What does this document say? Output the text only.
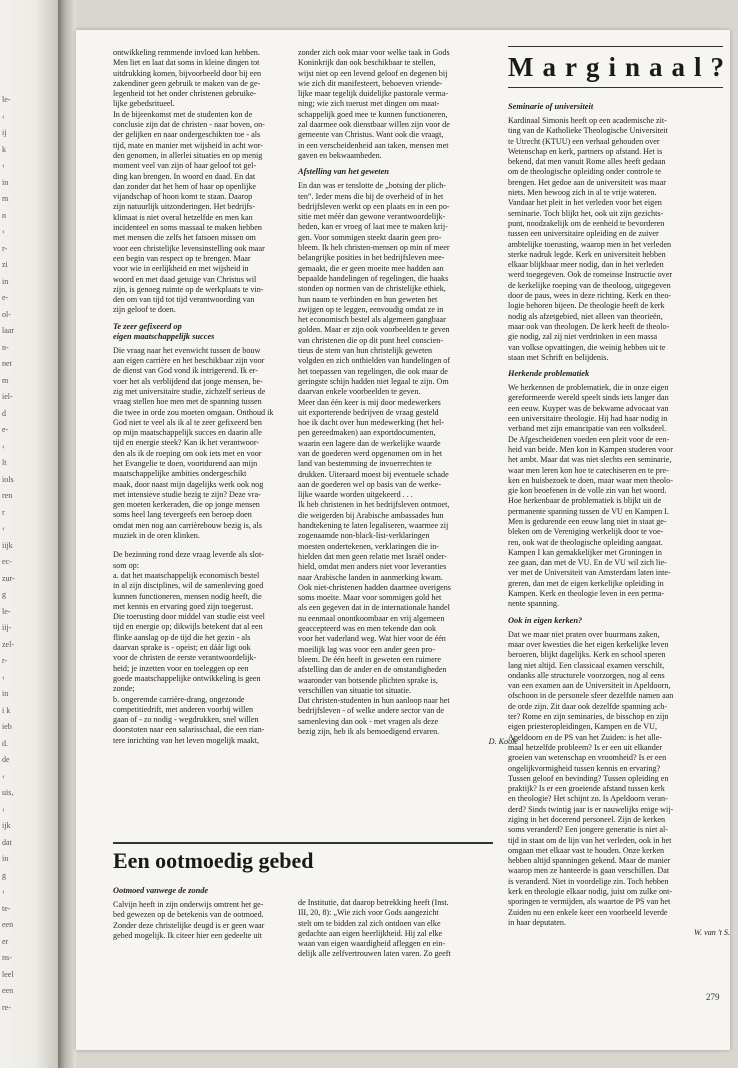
le-
‹
ij
k
‹
in
m
n
‹
r-
zi
in
e-
ol-
laar
n-
net
m
iel-
d
e-
‹
lt
iols
ren
r
‹
iijk
ec-
zur-
g
le-
iij-
zel-
r-
‹
in
i k
ieb
d.
de
‹
uis,
‹
ijk
dat
in
g
‹
te-
een
er
ns-
leel
een
re-

ontwikkeling remmende invloed kan hebben.

Men liet en laat dat soms in kleine dingen tot

uitdrukking komen, bijvoorbeeld door bij een

zakendiner geen gebruik te maken van de ge-

legenheid tot het onder christenen gebruike-

lijke gebedsritueel.

In de bijeenkomst met de studenten kon de

conclusie zijn dat de christen - naar boven, on-

der gelijken en naar ondergeschikten toe - als

tijd, mate en manier met wijsheid in acht wor-

den genomen, in allerlei situaties en op menig

moment veel van zijn of haar geloof tot gel-

ding kan brengen. In woord en daad. En dat

dan zonder dat het hem of haar op openlijke

vijandschap of hoon komt te staan. Daarop

zijn natuurlijk uitzonderingen. Het bedrijfs-

klimaat is niet overal hetzelfde en men kan

incidenteel en soms massaal te maken hebben

met mensen die zelfs het fatsoen missen om

voor een christelijke levensinstelling ook maar

een begin van respect op te brengen. Maar

voor wie in eerlijkheid en met wijsheid in

woord en met daad getuige van Christus wil

zijn, is genoeg ruimte op de werkplaats te vin-

den om van tijd tot tijd verantwoording van

zijn geloof te doen.

Te zeer gefixeerd op
eigen maatschappelijk succes

Die vraag naar het evenwicht tussen de bouw

aan eigen carrière en het beschikbaar zijn voor

de dienst van God vond ik intrigerend. Ik er-

voer het als verblijdend dat jonge mensen, be-

zig met universitaire studie, zichzelf serieus de

vraag stellen hoe men met de spanning tussen

die twee in orde zou moeten omgaan. Onthoud ik

God niet te veel als ik al te zeer gefixeerd ben

op mijn maatschappelijk succes en daarin alle

tijd en energie steek? Kan ik het verantwoor-

den als ik de roeping om ook iets met en voor

het Evangelie te doen, voortdurend aan mijn

maatschappelijke ambities ondergeschikt

maak, door naast mijn dagelijks werk ook nog

met intensieve studie bezig te zijn? Deze vra-

gen moeten kerkeraden, die op jonge mensen

soms heel lang tevergeefs een beroep doen

omdat men nog aan carrièrebouw bezig is, als

muziek in de oren klinken.

De bezinning rond deze vraag leverde als slot-

som op:

a. dat het maatschappelijk economisch bestel

in al zijn disciplines, wil de samenleving goed

kunnen functioneren, mensen nodig heeft, die

met kennis en ervaring goed zijn toegerust.

Die toerusting door middel van studie eist veel

tijd en energie op; dikwijls betekent dat al een

flinke aanslag op de tijd die het gezin - als

daarvan sprake is - opeist; en dáár ligt ook

voor de christen de eerste verantwoordelijk-

heid; je inzetten voor en toeleggen op een

goede maatschappelijke ontwikkeling is geen

zonde;

b. ongeremde carrière-drang, ongezonde

competitiedrift, met anderen voorbij willen

gaan of - zo nodig - wegdrukken, snel willen

doorstoten naar een salarisschaal, die een rian-

tere inrichting van het leven mogelijk maakt,

zonder zich ook maar voor welke taak in Gods

Koninkrijk dan ook beschikbaar te stellen,

wijst niet op een levend geloof en degenen bij

wie zich dit manifesteert, behoeven vriende-

lijke maar tegelijk duidelijke pastorale verma-

ning; wie zich toerust met dingen om maat-

schappelijk goed mee te kunnen functioneren,

zal daarmee ook dienstbaar willen zijn voor de

gemeente van Christus. Want ook die vraagt,

in een verscheidenheid aan taken, mensen met

gaven en bekwaamheden.

Afstelling van het geweten

En dan was er tenslotte de „botsing der plich-

ten”. Ieder mens die bij de overheid of in het

bedrijfsleven werkt op een plaats en in een po-

sitie met méér dan gewone verantwoordelijk-

heden, kan er vroeg of laat mee te maken krij-

gen. Voor sommigen steekt daarin geen pro-

bleem. Ik heb christen-mensen op min of meer

belangrijke posities in het bedrijfsleven mee-

gemaakt, die er geen moeite mee hadden aan

bepaalde handelingen of regelingen, die haaks

stonden op normen van de christelijke ethiek,

hun naam te verbinden en hun geweten het

zwijgen op te leggen, eenvoudig omdat ze in

het economisch bestel als algemeen gangbaar

golden. Maar er zijn ook voorbeelden te geven

van christenen die op dit punt heel conscien-

tieus de stem van hun christelijk geweten

volgden en zich onthielden van handelingen of

het toepassen van regelingen, die ook maar de

geringste schijn hadden niet legaal te zijn. Om

daarvan enkele voorbeelden te geven.

Meer dan één keer is mij door medewerkers

uit exporterende bedrijven de vraag gesteld

hoe ik dacht over hun medewerking (het hel-

pen gereedmaken) aan exportdocumenten,

waarin een lagere dan de werkelijke waarde

van de goederen werd opgenomen om in het

land van bestemming de invoerrechten te

drukken. Uiteraard moest bij eventuele schade

aan de goederen wel op basis van de werke-

lijke waarde worden uitgekeerd . . .

Ik heb christenen in het bedrijfsleven ontmoet,

die weigerden bij Arabische ambassades hun

handtekening te laten legaliseren, waarmee zij

zogenaamde non-black-list-verklaringen

moesten ondertekenen, verklaringen die in-

hielden dat men geen relatie met Israël onder-

hield, omdat men anders niet voor leveranties

naar Arabische landen in aanmerking kwam.

Ook niet-christenen hadden daarmee overigens

soms moeite. Maar voor sommigen gold het

als een gegeven dat in de internationale handel

nu eenmaal onontkoombaar en vrij algemeen

geaccepteerd was en men tekende dan ook

voor het vaderland weg. Wat hier voor de één

moeilijk lag was voor een ander geen pro-

bleem. De één heeft in geweten een ruimere

afstelling dan de ander en de omstandigheden

waaronder van botsende plichten sprake is,

verschillen van situatie tot situatie.

Dat christen-studenten in hun aanloop naar het

bedrijfsleven - of welke andere sector van de

samenleving dan ook - met vragen als deze

bezig zijn, heb ik als bemoedigend ervaren.

D. Koole

Marginaal?
Seminarie of universiteit

Kardinaal Simonis heeft op een academische zit-

ting van de Katholieke Theologische Universiteit

te Utrecht (KTUU) een verhaal gehouden over

Wetenschap en kerk, partners op afstand. Het is

bekend, dat men vanuit Rome alles heeft gedaan

om de theologische opleiding onder controle te

brengen. Het gedoe aan de universiteit was maar

niets. Men bewoog zich in al te vrije wateren.

Vandaar het pleit in het verleden voor het eigen

seminarie. Toch blijkt het, ook uit zijn gezichts-

punt, noodzakelijk om de eenheid te bevorderen

tussen een universitaire opleiding en de zuiver

ambtelijke toerusting, waarop men in het verleden

sterke nadruk legde. Kerk en universiteit hebben

elkaar blijkbaar meer nodig, dan in het verleden

werd toegegeven. Ook de romeinse Instructie over

de kerkelijke roeping van de theoloog, uitgegeven

door de paus, wees in deze richting. Kerk en theo-

logie behoren bijeen. De theologie heeft de kerk

nodig als afzetgebied, niet alleen van theorieën,

maar ook van theologen. De kerk heeft de theolo-

gie nodig, zal zij niet verdrinken in een massa

van volkse opvattingen, die weinig hebben uit te

staan met Schrift en belijdenis.

Herkende problematiek

We herkennen de problematiek, die in onze eigen

gereformeerde wereld speelt sinds iets langer dan

een eeuw. Kuyper was de bekwame advocaat van

een universitaire theologie. Hij had haar nodig in

verband met zijn emancipatie van een volksdeel.

De Afgescheidenen voeden een pleit voor de een-

heid van beide. Men kon in Kampen studeren voor

het ambt. Maar dat was niet slechts een seminarie,

waar men leren kon hoe te catechiseren en te pre-

ken en huisbezoek te doen, maar waar men theolo-

gie kon beoefenen in de volle zin van het woord.

Hoe herkenbaar de problematiek is blijkt uit de

permanente spanning tussen de VU en Kampen I.

Men is gedurende een eeuw lang niet in staat ge-

bleken om de Vereniging werkelijk door te voe-

ren, ook wat de theologische opleiding aangaat.

Kampen I kan gemakkelijker met Groningen in

zee gaan, dan met de VU. En de VU wil zich lie-

ver met de Universiteit van Amsterdam laten inte-

greren, dan met de eigen kerkelijke opleiding in

Kampen. Kerk en theologie leven in een perma-

nente spanning.

Ook in eigen kerken?

Dat we maar niet praten over buurmans zaken,

maar over kwesties die het eigen kerkelijke leven

beroeren, blijkt dagelijks. Kerk en school speren

lang niet altijd. Een classicaal examen verschilt,

ondanks alle structurele voorzorgen, nog al eens

van een examen aan de Universiteit in Apeldoorn,

ofschoon in de personele sfeer dezelfde namen aan

de orde zijn. Zit daar ook dezelfde spanning ach-

ter? Rome en zijn seminaries, de bisschop en zijn

eigen priesteropleidingen, Kampen en de VU,

Apeldoorn en de PS van het Zuiden: is het alle-

maal hetzelfde probleem? Is er een uit elkander

groeien van wetenschap en vroomheid? Is er een

ongelijkvormigheid tussen kennis en ervaring?

Tussen geloof en bevinding? Tussen opleiding en

praktijk? Is er een groeiende afstand tussen kerk

en theologie? Het schijnt zo. Is Apeldoorn veran-

derd? Sinds twintig jaar is er nauwelijks enige wij-

ziging in het docerend personeel. Zijn de kerken

soms veranderd? Een jongere generatie is niet al-

tijd in staat om de lijn van het verleden, ook in het

omgaan met elkaar vast te houden. Onze kerken

hebben altijd spanningen gekend. Maar de manier

waarop men ze hanteerde is gaan verschillen. Dat

is veranderd. Niet in voordelige zin. Toch hebben

kerk en theologie elkaar nodig, juist om zulke ont-

sporingen te vermijden, als waartoe de PS van het

Zuiden nu een enkele keer een voorbeeld leverde

in haar deputaten.

W. van 't S.

Een ootmoedig gebed
Ootmoed vanwege de zonde

Calvijn heeft in zijn onderwijs omtrent het ge-

bed gewezen op de betekenis van de ootmoed.

Zonder deze christelijke deugd is er geen waar

gebed mogelijk. Ik citeer hier een gedeelte uit

de Institutie, dat daarop betrekking heeft (Inst.

III, 20, 8): „Wie zich voor Gods aangezicht

stelt om te bidden zal zich ontdoen van elke

gedachte aan eigen heerlijkheid. Hij zal elke

waan van eigen waardigheid afleggen en ein-

delijk alle zelfvertrouwen laten varen. Zo geeft

279
